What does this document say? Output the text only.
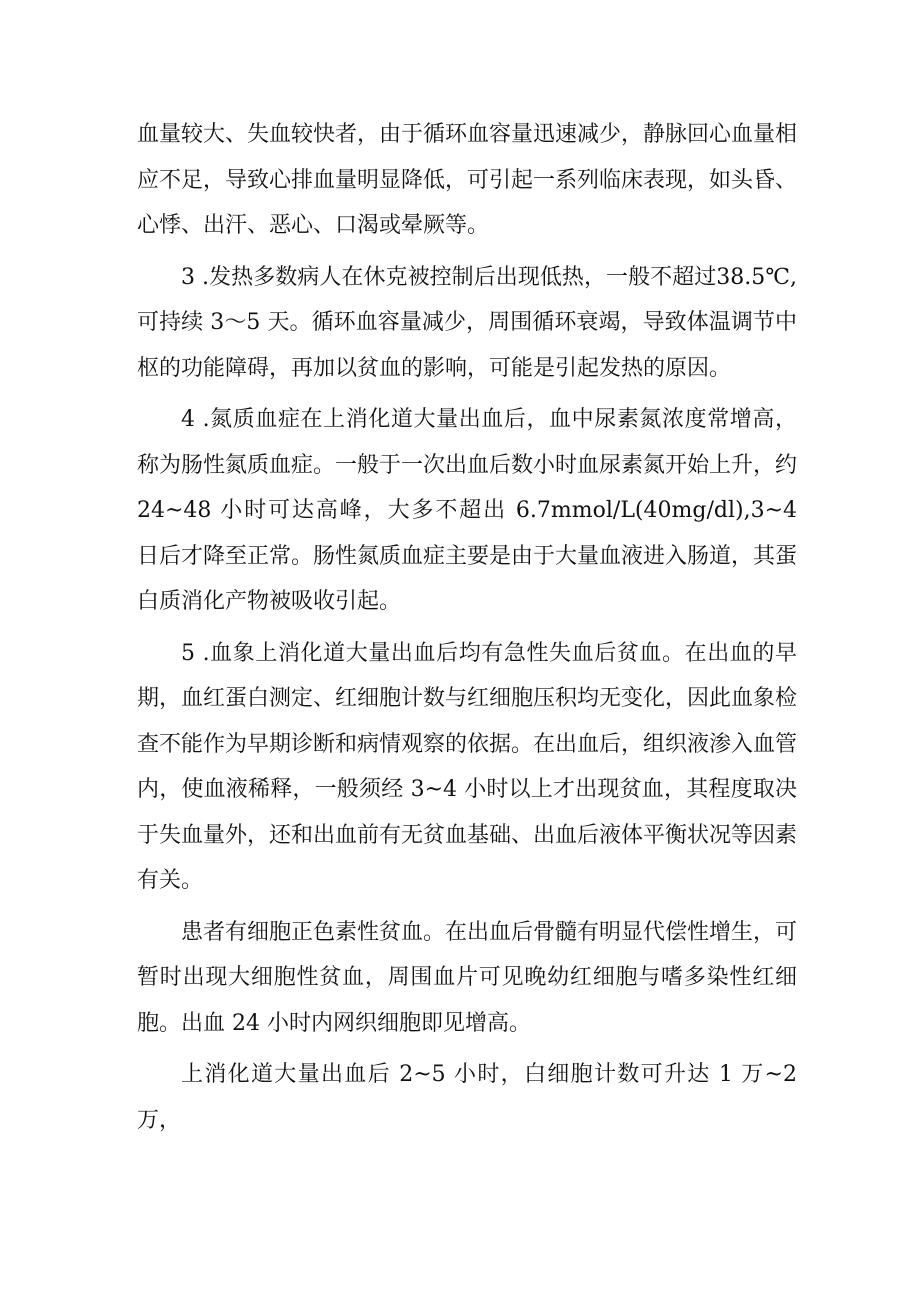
血量较大、失血较快者，由于循环血容量迅速减少，静脉回心血量相应不足，导致心排血量明显降低，可引起一系列临床表现，如头昏、心悸、出汗、恶心、口渴或晕厥等。

3 .发热多数病人在休克被控制后出现低热，一般不超过38.5℃,可持续 3～5 天。循环血容量减少，周围循环衰竭，导致体温调节中枢的功能障碍，再加以贫血的影响，可能是引起发热的原因。

4 .氮质血症在上消化道大量出血后，血中尿素氮浓度常增高，称为肠性氮质血症。一般于一次出血后数小时血尿素氮开始上升，约 24~48 小时可达高峰，大多不超出 6.7mmol/L(40mg/dl),3~4 日后才降至正常。肠性氮质血症主要是由于大量血液进入肠道，其蛋白质消化产物被吸收引起。

5 .血象上消化道大量出血后均有急性失血后贫血。在出血的早期，血红蛋白测定、红细胞计数与红细胞压积均无变化，因此血象检查不能作为早期诊断和病情观察的依据。在出血后，组织液渗入血管内，使血液稀释，一般须经 3~4 小时以上才出现贫血，其程度取决于失血量外，还和出血前有无贫血基础、出血后液体平衡状况等因素有关。

患者有细胞正色素性贫血。在出血后骨髓有明显代偿性增生，可暂时出现大细胞性贫血，周围血片可见晚幼红细胞与嗜多染性红细胞。出血 24 小时内网织细胞即见增高。

上消化道大量出血后 2~5 小时，白细胞计数可升达 1 万~2 万，
